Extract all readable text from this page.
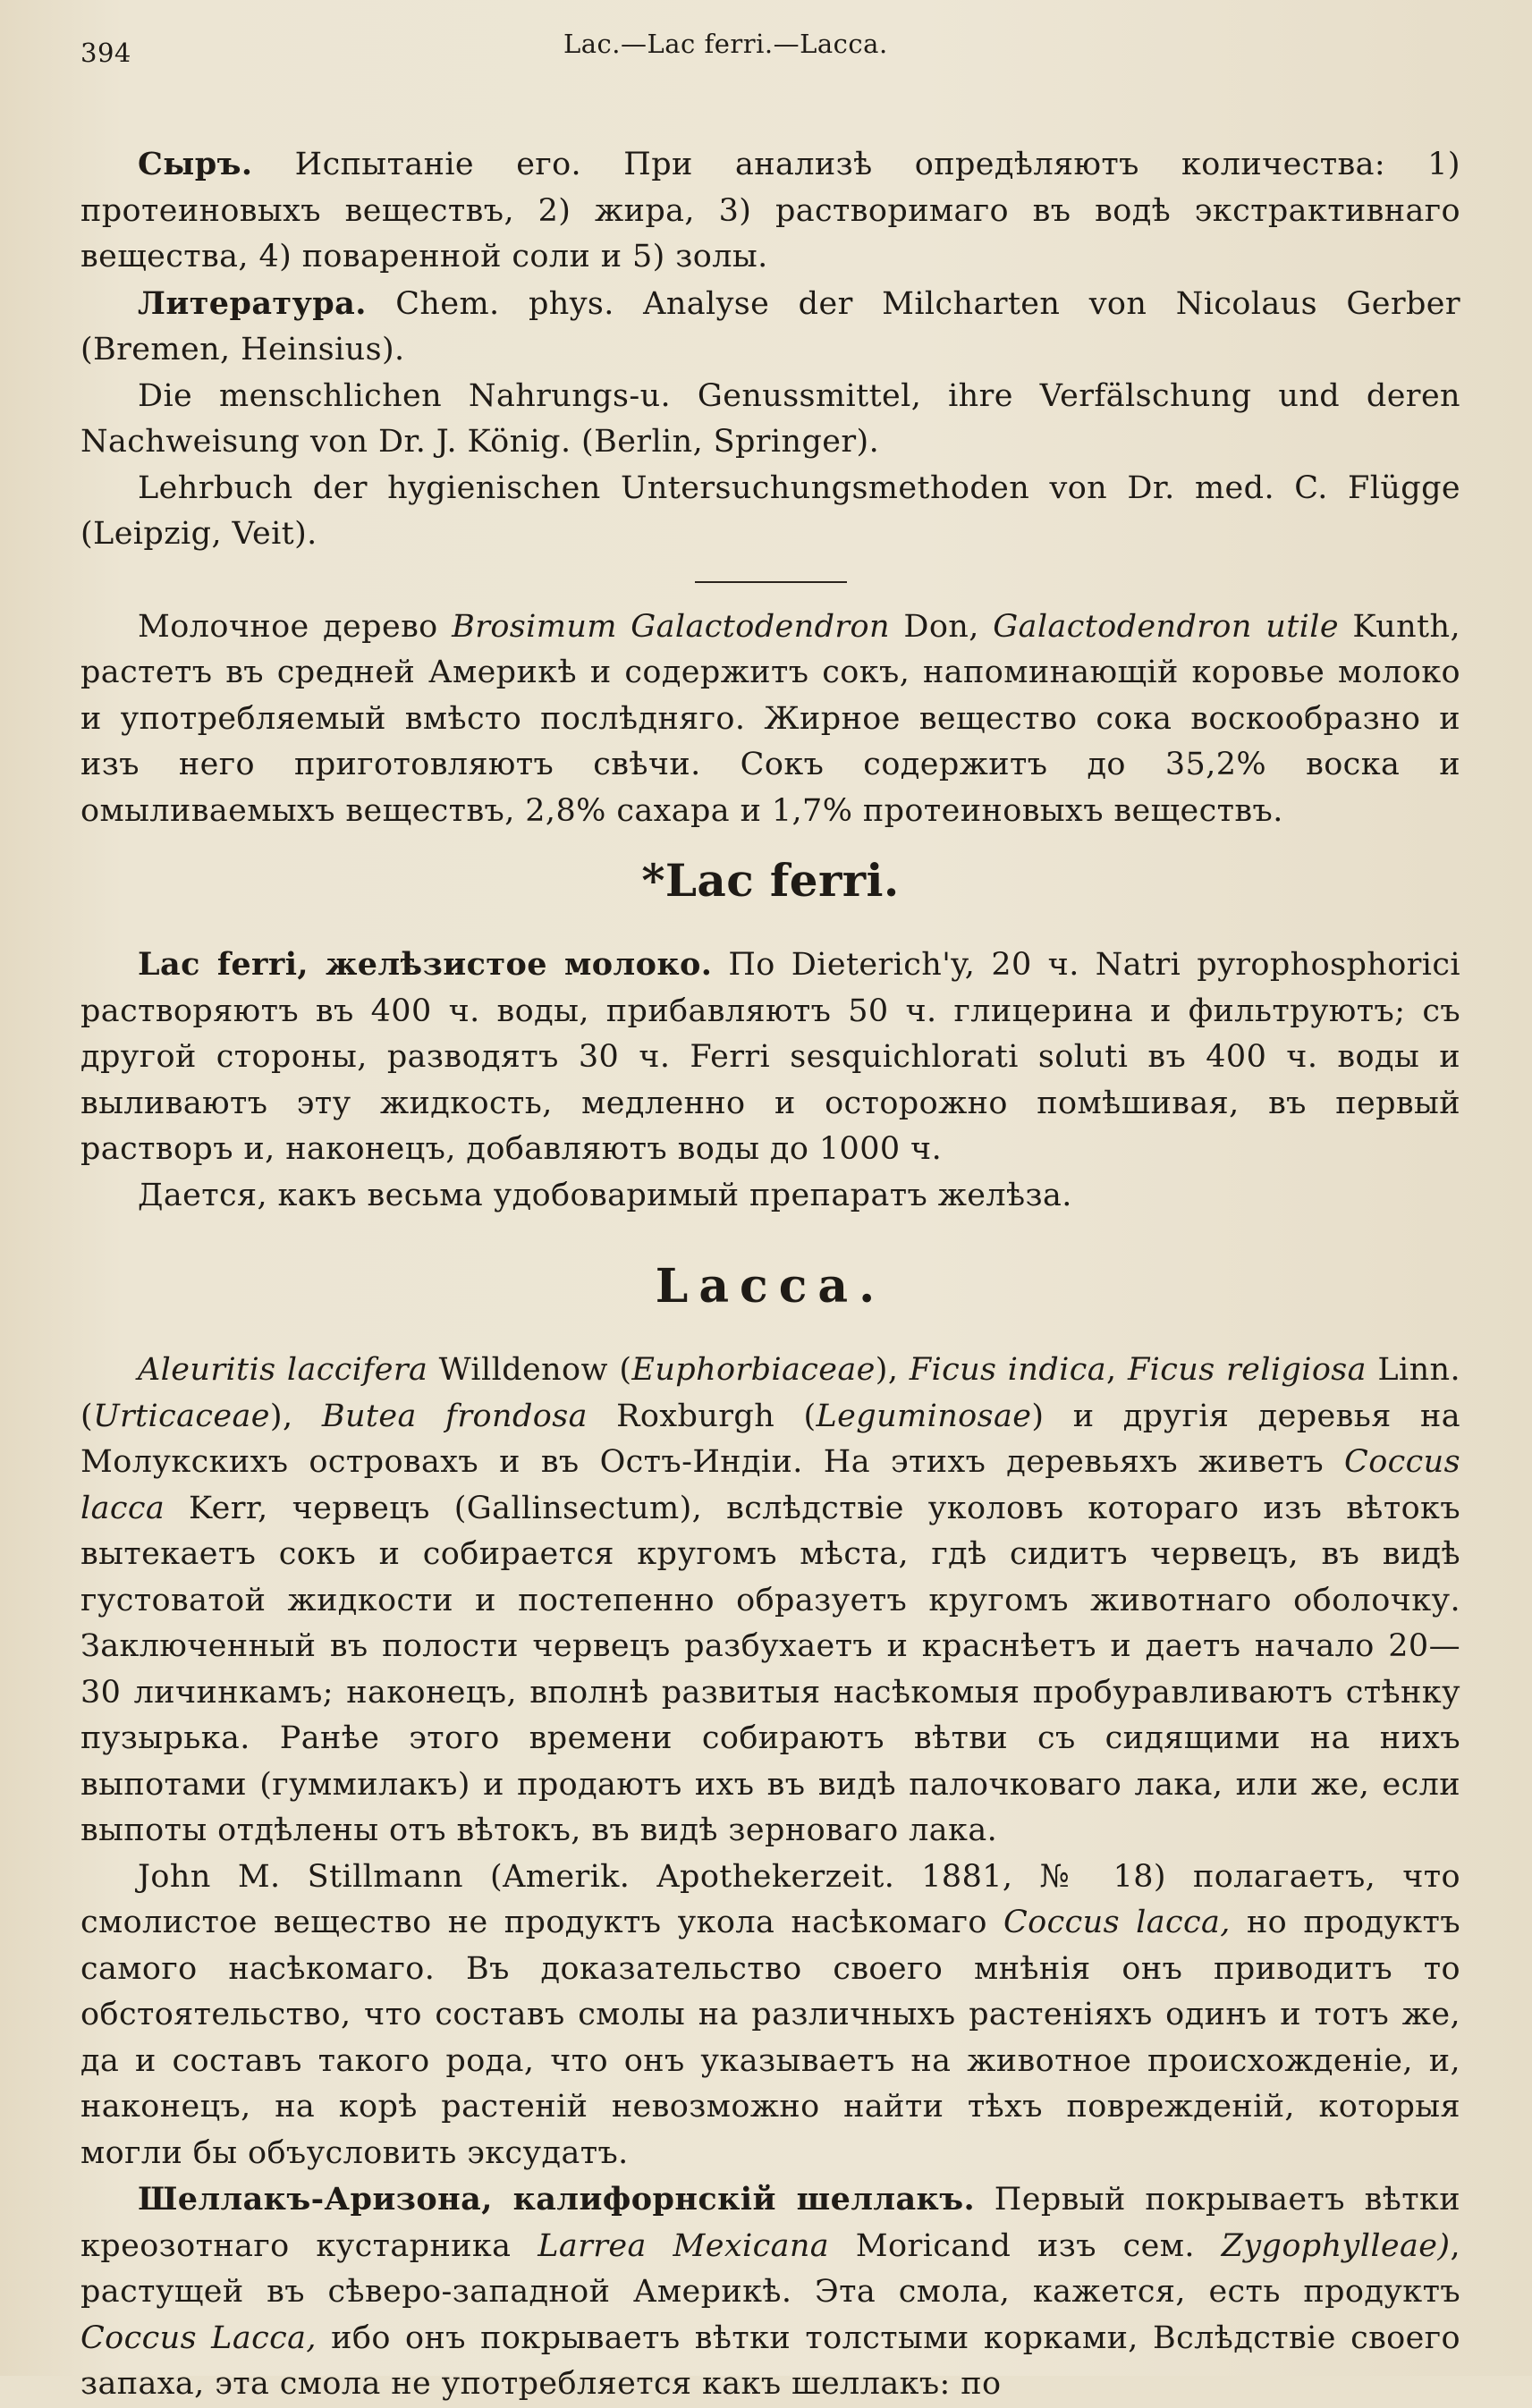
394	Lac.—Lac ferri.—Lacca.

Сыръ. Испытаніе его. При анализѣ опредѣляютъ количества: 1) протеиновыхъ веществъ, 2) жира, 3) растворимаго въ водѣ экстрактивнаго вещества, 4) поваренной соли и 5) золы.

Литература. Chem. phys. Analyse der Milcharten von Nicolaus Gerber (Bremen, Heinsius).

Die menschlichen Nahrungs-u. Genussmittel, ihre Verfälschung und deren Nachweisung von Dr. J. König. (Berlin, Springer).

Lehrbuch der hygienischen Untersuchungsmethoden von Dr. med. C. Flügge (Leipzig, Veit).

Молочное дерево Brosimum Galactodendron Don, Galactodendron utile Kunth, растетъ въ средней Америкѣ и содержитъ сокъ, напоминающій коровье молоко и употребляемый вмѣсто послѣдняго. Жирное вещество сока воскообразно и изъ него приготовляютъ свѣчи. Сокъ содержитъ до 35,2% воска и омыливаемыхъ веществъ, 2,8% сахара и 1,7% протеиновыхъ веществъ.

*Lac ferri.

Lac ferri, желѣзистое молоко. По Dieterich'y, 20 ч. Natri pyrophosphorici растворяютъ въ 400 ч. воды, прибавляютъ 50 ч. глицерина и фильтруютъ; съ другой стороны, разводятъ 30 ч. Ferri sesquichlorati soluti въ 400 ч. воды и выливаютъ эту жидкость, медленно и осторожно помѣшивая, въ первый растворъ и, наконецъ, добавляютъ воды до 1000 ч.

Дается, какъ весьма удобоваримый препаратъ желѣза.

Lacca.

Aleuritis laccifera Willdenow (Euphorbiaceae), Ficus indica, Ficus religiosa Linn. (Urticaceae), Butea frondosa Roxburgh (Leguminosae) и другія деревья на Молукскихъ островахъ и въ Остъ-Индіи. На этихъ деревьяхъ живетъ Coccus lacca Kerr, червецъ (Gallinsectum), вслѣдствіе уколовъ котораго изъ вѣтокъ вытекаетъ сокъ и собирается кругомъ мѣста, гдѣ сидитъ червецъ, въ видѣ густоватой жидкости и постепенно образуетъ кругомъ животнаго оболочку. Заключенный въ полости червецъ разбухаетъ и краснѣетъ и даетъ начало 20—30 личинкамъ; наконецъ, вполнѣ развитыя насѣкомыя пробуравливаютъ стѣнку пузырька. Ранѣе этого времени собираютъ вѣтви съ сидящими на нихъ выпотами (гуммилакъ) и продаютъ ихъ въ видѣ палочковаго лака, или же, если выпоты отдѣлены отъ вѣтокъ, въ видѣ зерноваго лака.

John M. Stillmann (Amerik. Apothekerzeit. 1881, № 18) полагаетъ, что смолистое вещество не продуктъ укола насѣкомаго Coccus lacca, но продуктъ самого насѣкомаго. Въ доказательство своего мнѣнія онъ приводитъ то обстоятельство, что составъ смолы на различныхъ растеніяхъ одинъ и тотъ же, да и составъ такого рода, что онъ указываетъ на животное происхожденіе, и, наконецъ, на корѣ растеній невозможно найти тѣхъ поврежденій, которыя могли бы объусловить эксудатъ.

Шеллакъ-Аризона, калифорнскій шеллакъ. Первый покрываетъ вѣтки креозотнаго кустарника Larrea Mexicana Moricand изъ сем. Zygophylleae), растущей въ сѣверо-западной Америкѣ. Эта смола, кажется, есть продуктъ Coccus Lacca, ибо онъ покрываетъ вѣтки толстыми корками, Вслѣдствіе своего запаха, эта смола не употребляется какъ шеллакъ: по
